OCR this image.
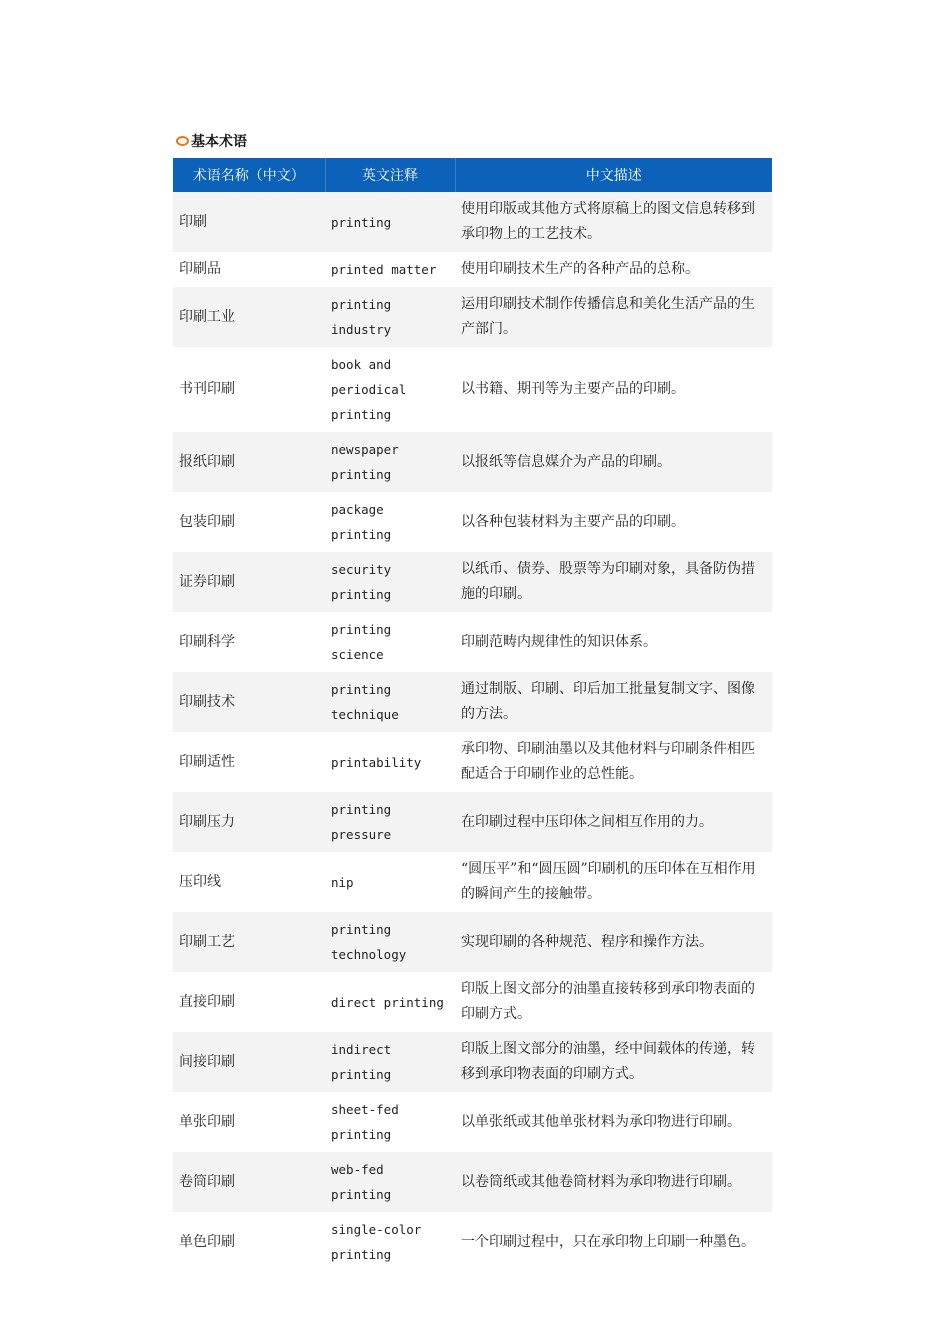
基本术语
术语名称（中文）	英文注释	中文描述
印刷	printing	使用印版或其他方式将原稿上的图文信息转移到承印物上的工艺技术。
印刷品	printed matter	使用印刷技术生产的各种产品的总称。
印刷工业	printing industry	运用印刷技术制作传播信息和美化生活产品的生产部门。
书刊印刷	book and periodical printing	以书籍、期刊等为主要产品的印刷。
报纸印刷	newspaper printing	以报纸等信息媒介为产品的印刷。
包装印刷	package printing	以各种包装材料为主要产品的印刷。
证券印刷	security printing	以纸币、债券、股票等为印刷对象，具备防伪措施的印刷。
印刷科学	printing science	印刷范畴内规律性的知识体系。
印刷技术	printing technique	通过制版、印刷、印后加工批量复制文字、图像的方法。
印刷适性	printability	承印物、印刷油墨以及其他材料与印刷条件相匹配适合于印刷作业的总性能。
印刷压力	printing pressure	在印刷过程中压印体之间相互作用的力。
压印线	nip	“圆压平”和“圆压圆”印刷机的压印体在互相作用的瞬间产生的接触带。
印刷工艺	printing technology	实现印刷的各种规范、程序和操作方法。
直接印刷	direct printing	印版上图文部分的油墨直接转移到承印物表面的印刷方式。
间接印刷	indirect printing	印版上图文部分的油墨，经中间载体的传递，转移到承印物表面的印刷方式。
单张印刷	sheet-fed printing	以单张纸或其他单张材料为承印物进行印刷。
卷筒印刷	web-fed printing	以卷筒纸或其他卷筒材料为承印物进行印刷。
单色印刷	single-color printing	一个印刷过程中，只在承印物上印刷一种墨色。
